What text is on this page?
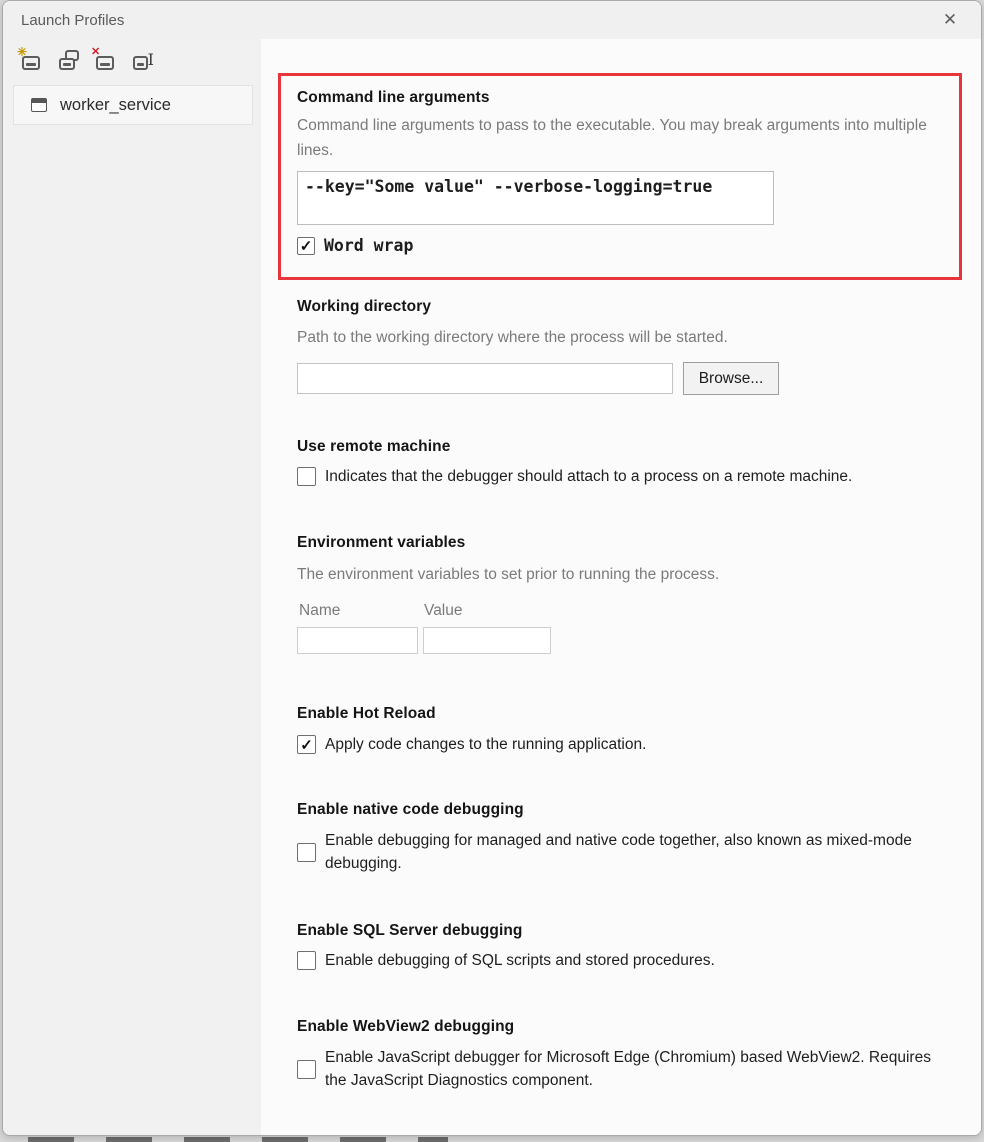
Launch Profiles	✕
✳	✕	I
worker_service	Command line arguments
Command line arguments to pass to the executable. You may break arguments into multiple lines.
--key="Some value" --verbose-logging=true
✓ Word wrap
Working directory
Path to the working directory where the process will be started.
Browse...
Use remote machine
Indicates that the debugger should attach to a process on a remote machine.
Environment variables
The environment variables to set prior to running the process.
Name	Value
Enable Hot Reload
✓ Apply code changes to the running application.
Enable native code debugging
Enable debugging for managed and native code together, also known as mixed-mode debugging.
Enable SQL Server debugging
Enable debugging of SQL scripts and stored procedures.
Enable WebView2 debugging
Enable JavaScript debugger for Microsoft Edge (Chromium) based WebView2. Requires the JavaScript Diagnostics component.
